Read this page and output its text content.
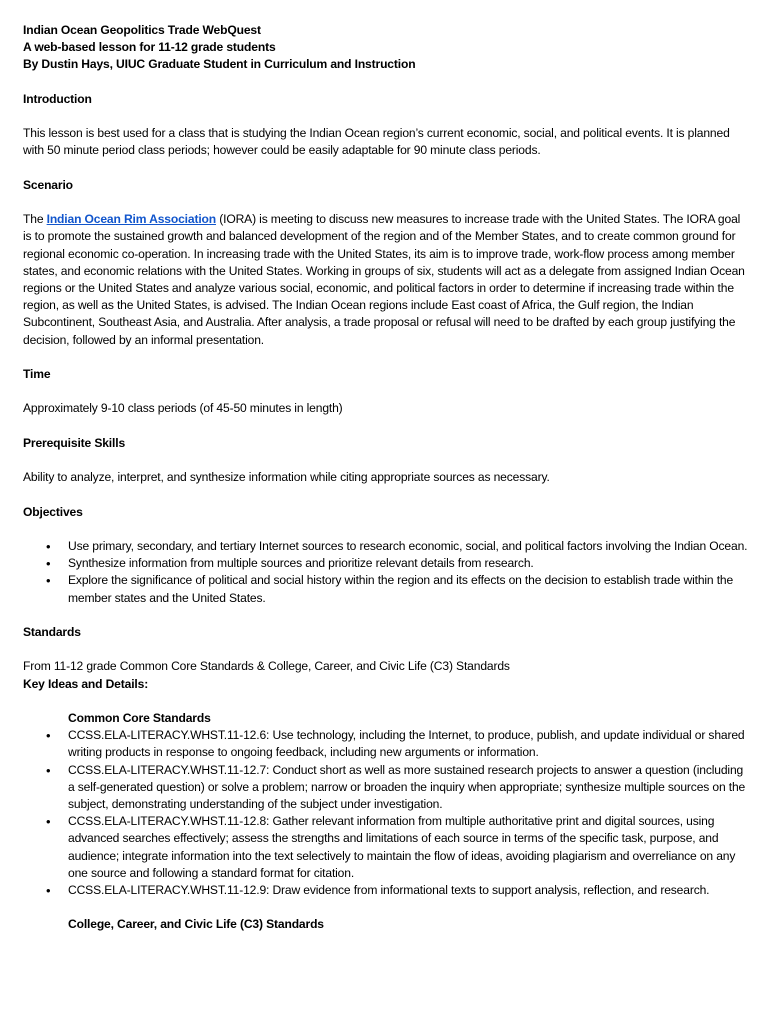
Indian Ocean Geopolitics Trade WebQuest

A web-based lesson for 11-12 grade students

By Dustin Hays, UIUC Graduate Student in Curriculum and Instruction

Introduction

This lesson is best used for a class that is studying the Indian Ocean region’s current economic, social, and political events. It is planned with 50 minute period class periods; however could be easily adaptable for 90 minute class periods.

Scenario

The Indian Ocean Rim Association (IORA) is meeting to discuss new measures to increase trade with the United States. The IORA goal is to promote the sustained growth and balanced development of the region and of the Member States, and to create common ground for regional economic co-operation. In increasing trade with the United States, its aim is to improve trade, work-flow process among member states, and economic relations with the United States. Working in groups of six, students will act as a delegate from assigned Indian Ocean regions or the United States and analyze various social, economic, and political factors in order to determine if increasing trade within the region, as well as the United States, is advised. The Indian Ocean regions include East coast of Africa, the Gulf region, the Indian Subcontinent, Southeast Asia, and Australia. After analysis, a trade proposal or refusal will need to be drafted by each group justifying the decision, followed by an informal presentation.

Time

Approximately 9-10 class periods (of 45-50 minutes in length)

Prerequisite Skills

Ability to analyze, interpret, and synthesize information while citing appropriate sources as necessary.

Objectives

• Use primary, secondary, and tertiary Internet sources to research economic, social, and political factors involving the Indian Ocean.
• Synthesize information from multiple sources and prioritize relevant details from research.
• Explore the significance of political and social history within the region and its effects on the decision to establish trade within the member states and the United States.

Standards

From 11-12 grade Common Core Standards & College, Career, and Civic Life (C3) Standards

Key Ideas and Details:

Common Core Standards

• CCSS.ELA-LITERACY.WHST.11-12.6: Use technology, including the Internet, to produce, publish, and update individual or shared writing products in response to ongoing feedback, including new arguments or information.
• CCSS.ELA-LITERACY.WHST.11-12.7: Conduct short as well as more sustained research projects to answer a question (including a self-generated question) or solve a problem; narrow or broaden the inquiry when appropriate; synthesize multiple sources on the subject, demonstrating understanding of the subject under investigation.
• CCSS.ELA-LITERACY.WHST.11-12.8: Gather relevant information from multiple authoritative print and digital sources, using advanced searches effectively; assess the strengths and limitations of each source in terms of the specific task, purpose, and audience; integrate information into the text selectively to maintain the flow of ideas, avoiding plagiarism and overreliance on any one source and following a standard format for citation.
• CCSS.ELA-LITERACY.WHST.11-12.9: Draw evidence from informational texts to support analysis, reflection, and research.

College, Career, and Civic Life (C3) Standards
